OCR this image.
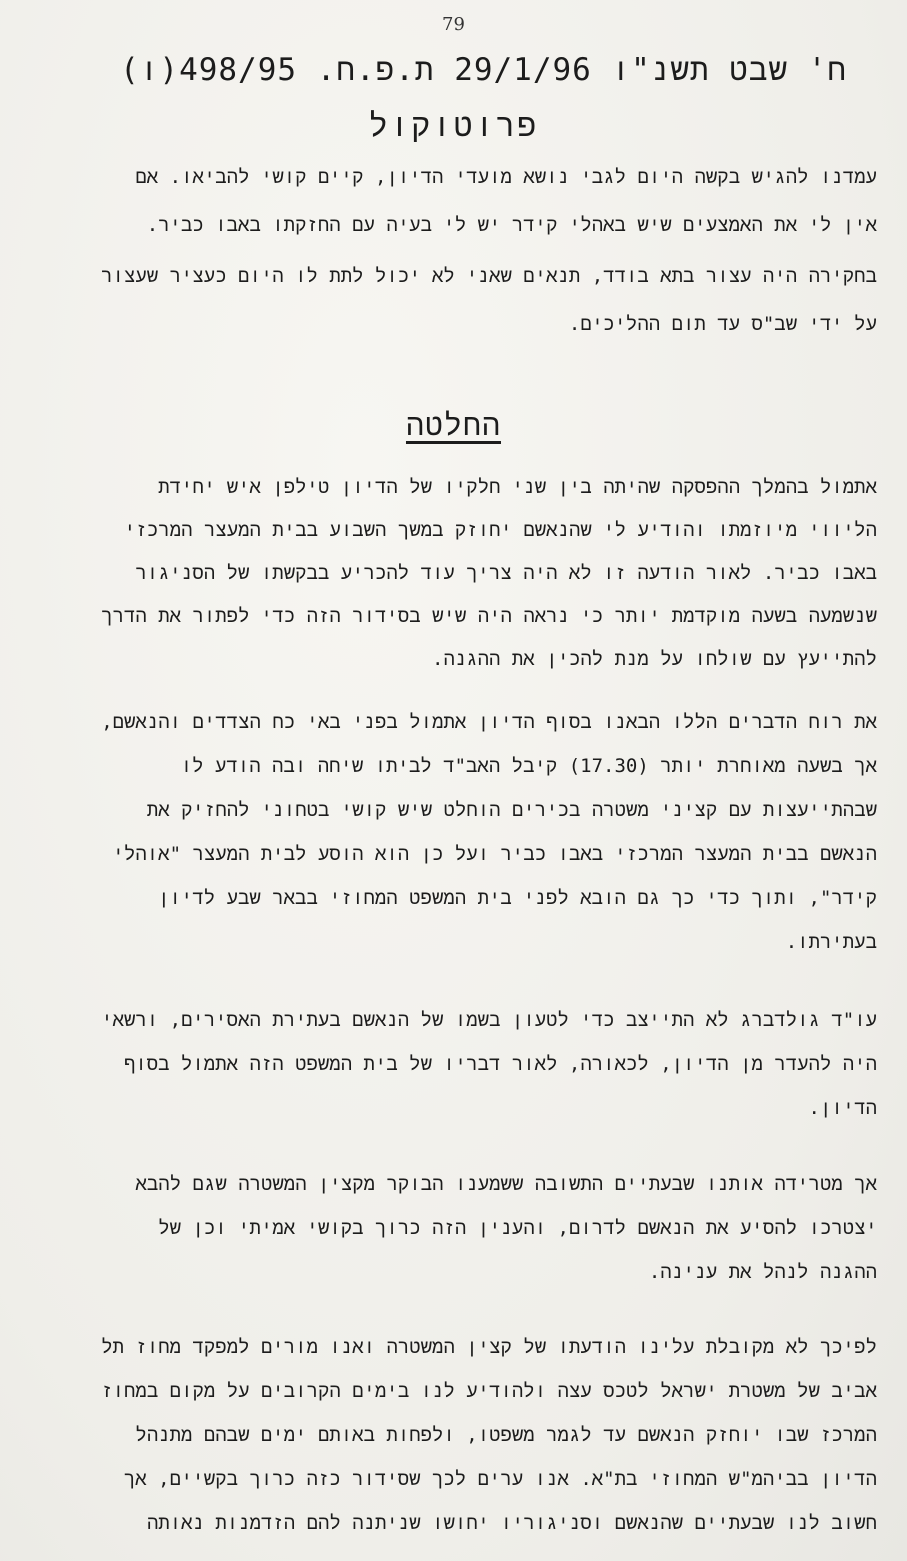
79
ח' שבט תשנ"ו 29/1/96 ת.פ.ח. 498/95(ו)
פרוטוקול
עמדנו להגיש בקשה היום לגבי נושא מועדי הדיון, קיים קושי להביאו. אם
אין לי את האמצעים שיש באהלי קידר יש לי בעיה עם החזקתו באבו כביר.
בחקירה היה עצור בתא בודד, תנאים שאני לא יכול לתת לו היום כעציר שעצור
על ידי שב"ס עד תום ההליכים.
החלטה
אתמול בהמלך ההפסקה שהיתה בין שני חלקיו של הדיון טילפן איש יחידת
הליווי מיוזמתו והודיע לי שהנאשם יחוזק במשך השבוע בבית המעצר המרכזי
באבו כביר. לאור הודעה זו לא היה צריך עוד להכריע בבקשתו של הסניגור
שנשמעה בשעה מוקדמת יותר כי נראה היה שיש בסידור הזה כדי לפתור את הדרך
להתייעץ עם שולחו על מנת להכין את ההגנה.
את רוח הדברים הללו הבאנו בסוף הדיון אתמול בפני באי כח הצדדים והנאשם,
אך בשעה מאוחרת יותר (17.30) קיבל האב"ד לביתו שיחה ובה הודע לו
שבהתייעצות עם קציני משטרה בכירים הוחלט שיש קושי בטחוני להחזיק את
הנאשם בבית המעצר המרכזי באבו כביר ועל כן הוא הוסע לבית המעצר "אוהלי
קידר", ותוך כדי כך גם הובא לפני בית המשפט המחוזי בבאר שבע לדיון
בעתירתו.
עו"ד גולדברג לא התייצב כדי לטעון בשמו של הנאשם בעתירת האסירים, ורשאי
היה להעדר מן הדיון, לכאורה, לאור דבריו של בית המשפט הזה אתמול בסוף
הדיון.
אך מטרידה אותנו שבעתיים התשובה ששמענו הבוקר מקצין המשטרה שגם להבא
יצטרכו להסיע את הנאשם לדרום, והענין הזה כרוך בקושי אמיתי וכן של
ההגנה לנהל את ענינה.
לפיכך לא מקובלת עלינו הודעתו של קצין המשטרה ואנו מורים למפקד מחוז תל
אביב של משטרת ישראל לטכס עצה ולהודיע לנו בימים הקרובים על מקום במחוז
המרכז שבו יוחזק הנאשם עד לגמר משפטו, ולפחות באותם ימים שבהם מתנהל
הדיון בביהמ"ש המחוזי בת"א. אנו ערים לכך שסידור כזה כרוך בקשיים, אך
חשוב לנו שבעתיים שהנאשם וסניגוריו יחושו שניתנה להם הזדמנות נאותה
